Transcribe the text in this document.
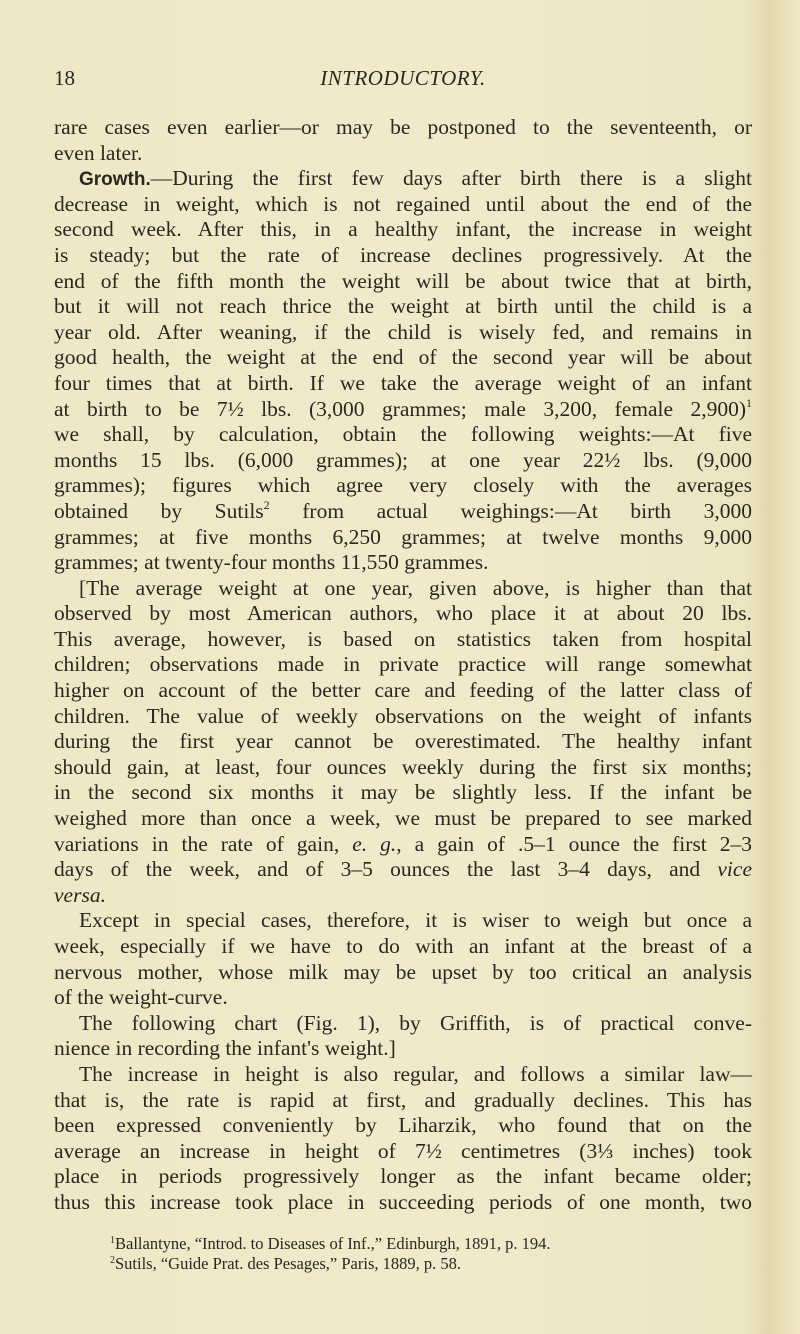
18	INTRODUCTORY.
rare cases even earlier—or may be postponed to the seventeenth, or
even later.
Growth.—During the first few days after birth there is a slight
decrease in weight, which is not regained until about the end of the
second week. After this, in a healthy infant, the increase in weight
is steady; but the rate of increase declines progressively. At the
end of the fifth month the weight will be about twice that at birth,
but it will not reach thrice the weight at birth until the child is a
year old. After weaning, if the child is wisely fed, and remains in
good health, the weight at the end of the second year will be about
four times that at birth. If we take the average weight of an infant
at birth to be 7½ lbs. (3,000 grammes; male 3,200, female 2,900)$^1$
we shall, by calculation, obtain the following weights:—At five
months 15 lbs. (6,000 grammes); at one year 22½ lbs. (9,000
grammes); figures which agree very closely with the averages
obtained by Sutils$^2$ from actual weighings:—At birth 3,000
grammes; at five months 6,250 grammes; at twelve months 9,000
grammes; at twenty-four months 11,550 grammes.
[The average weight at one year, given above, is higher than that
observed by most American authors, who place it at about 20 lbs.
This average, however, is based on statistics taken from hospital
children; observations made in private practice will range somewhat
higher on account of the better care and feeding of the latter class of
children. The value of weekly observations on the weight of infants
during the first year cannot be overestimated. The healthy infant
should gain, at least, four ounces weekly during the first six months;
in the second six months it may be slightly less. If the infant be
weighed more than once a week, we must be prepared to see marked
variations in the rate of gain, e. g., a gain of .5–1 ounce the first 2–3
days of the week, and of 3–5 ounces the last 3–4 days, and vice
versa.
Except in special cases, therefore, it is wiser to weigh but once a
week, especially if we have to do with an infant at the breast of a
nervous mother, whose milk may be upset by too critical an analysis
of the weight-curve.
The following chart (Fig. 1), by Griffith, is of practical conve-
nience in recording the infant's weight.]
The increase in height is also regular, and follows a similar law—
that is, the rate is rapid at first, and gradually declines. This has
been expressed conveniently by Liharzik, who found that on the
average an increase in height of 7½ centimetres (3⅓ inches) took
place in periods progressively longer as the infant became older;
thus this increase took place in succeeding periods of one month, two
$^1$Ballantyne, “Introd. to Diseases of Inf.,” Edinburgh, 1891, p. 194.
$^2$Sutils, “Guide Prat. des Pesages,” Paris, 1889, p. 58.
